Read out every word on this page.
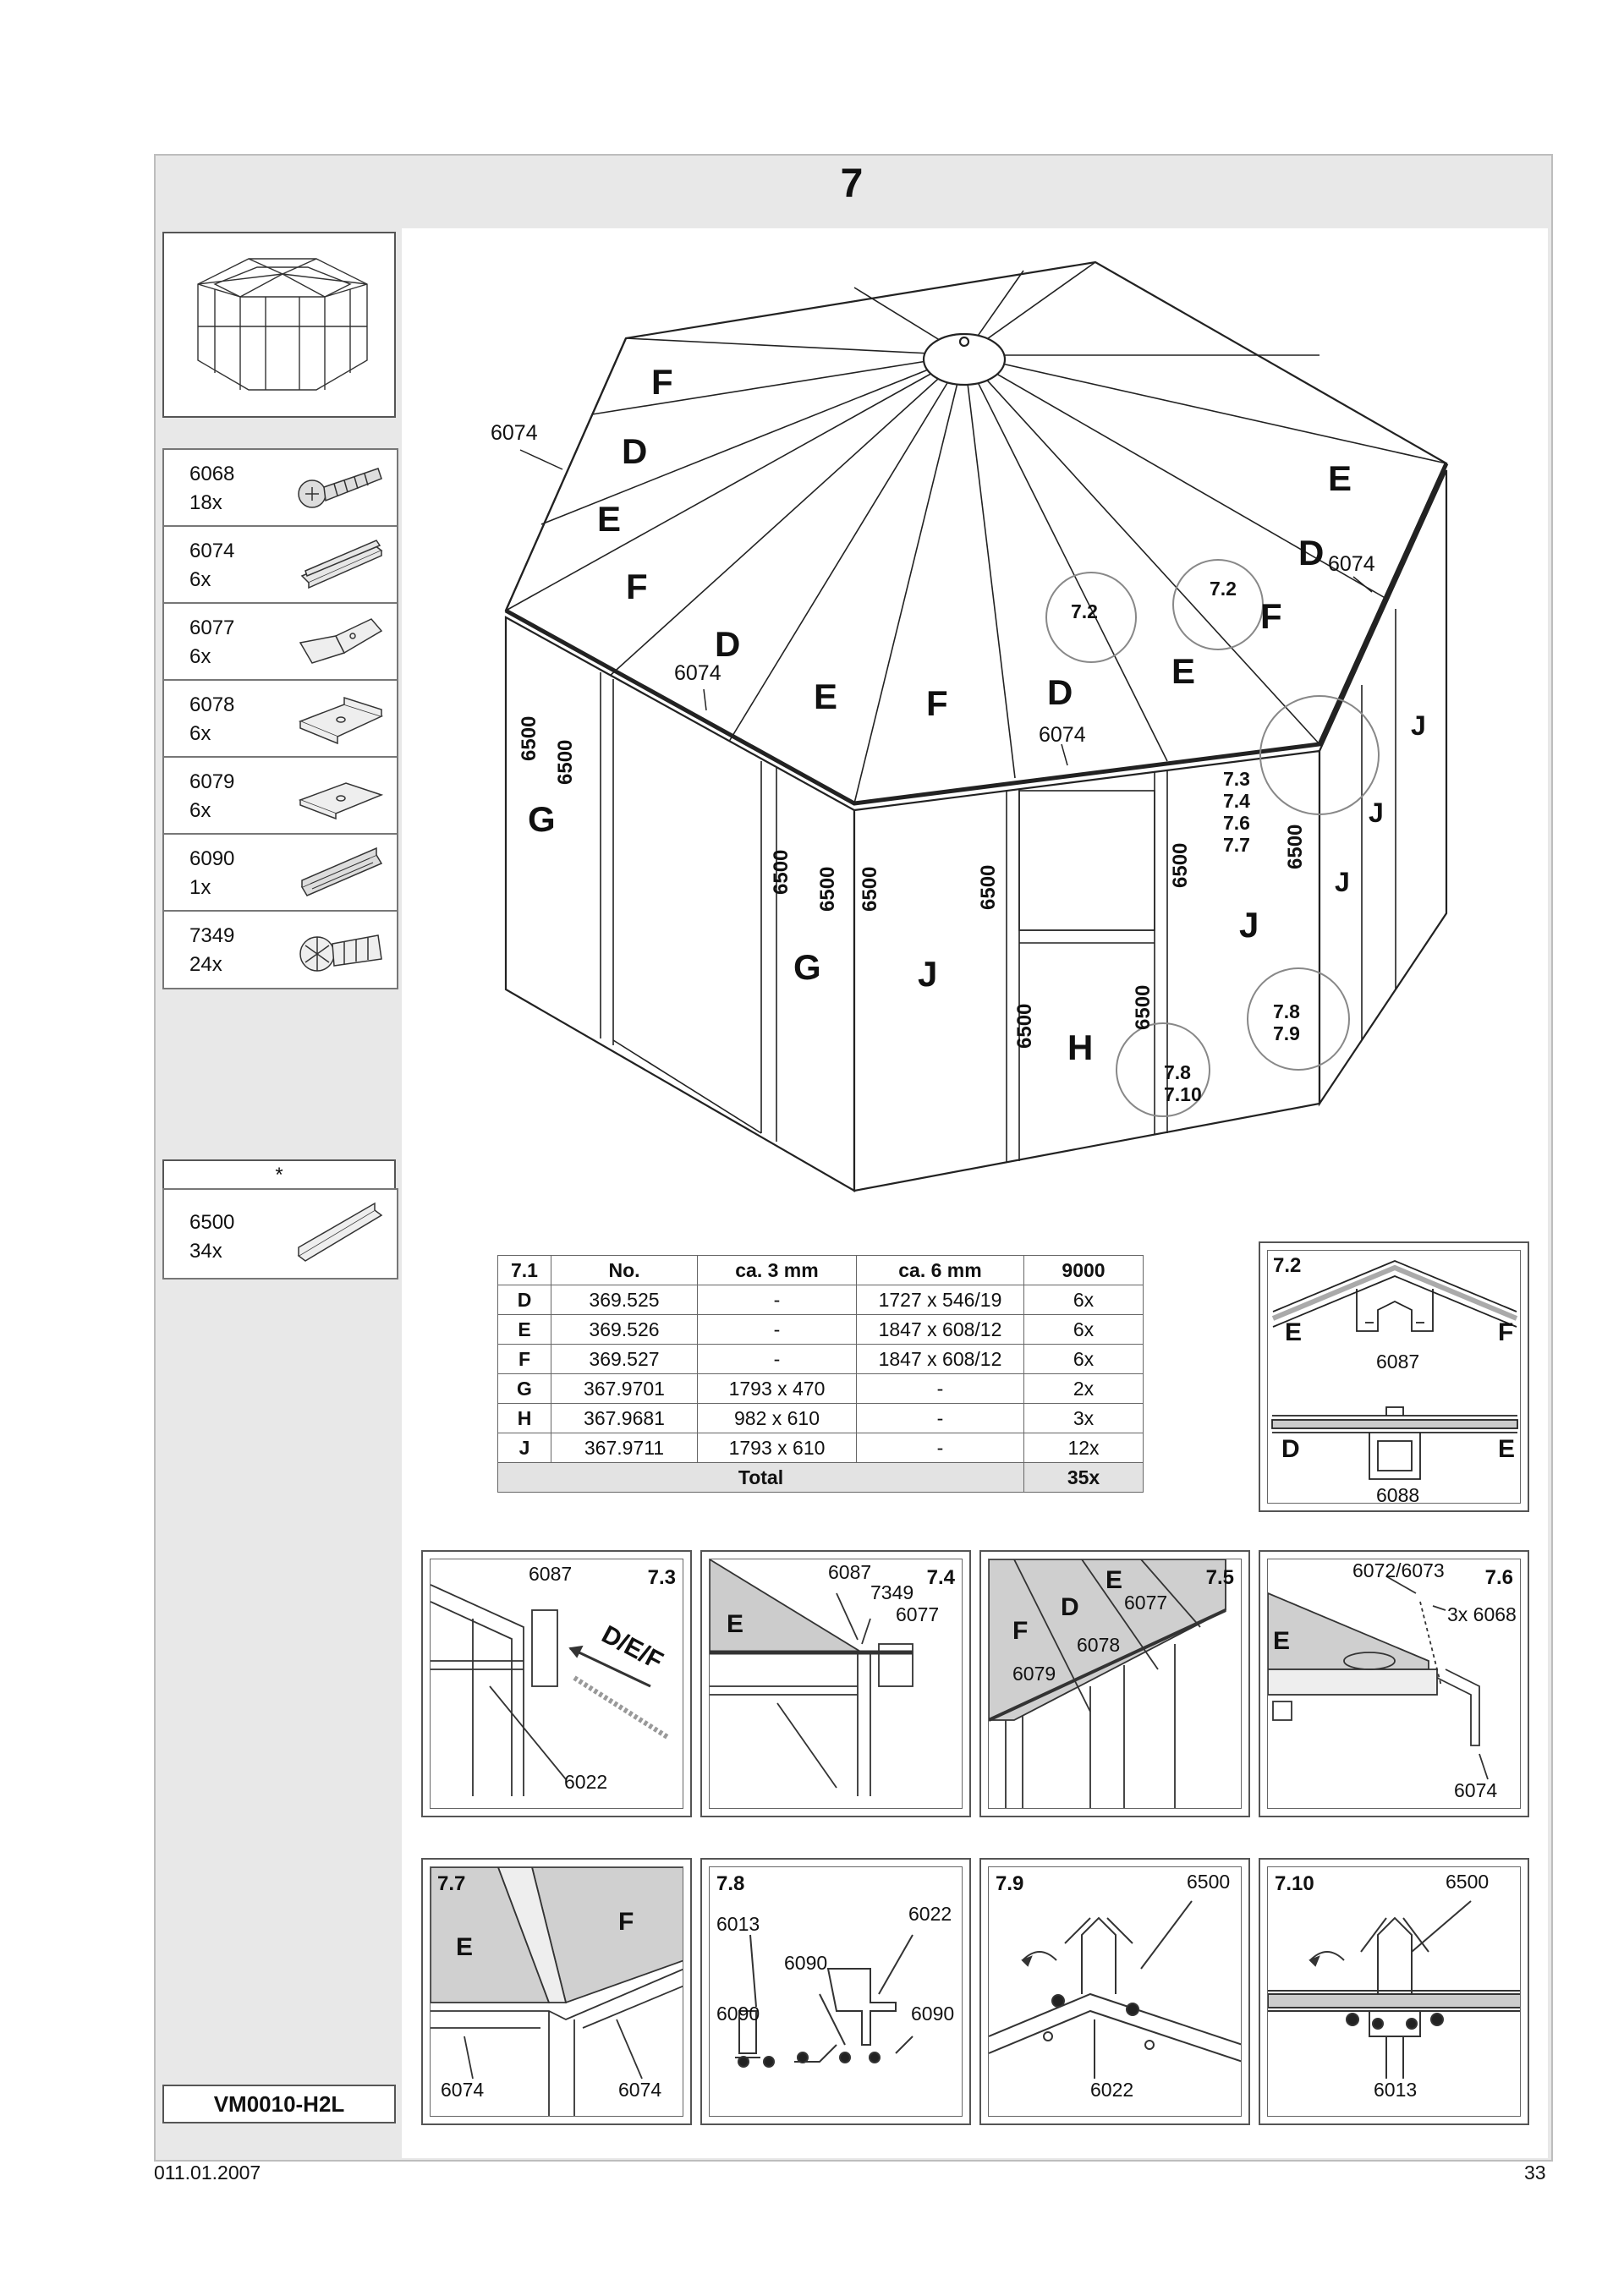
7
6068
18x
6074
6x
6077
6x
6078
6x
6079
6x
6090
1x
7349
24x
*
6500
34x
F
D
E
F
D
E F	D
E
F
D
E
G
G	J
H
J
J
J
J
6074
6074
6074
6074
6500
6500
6500 6500 6500	6500	6500	6500
6500	6500
7.2
7.2
7.3
7.4
7.6
7.7
7.8
7.9
7.8
7.10
7.1	No.	ca. 3 mm	ca. 6 mm	9000
D	369.525	-	1727 x 546/19	6x
E	369.526	-	1847 x 608/12	6x
F	369.527	-	1847 x 608/12	6x
G	367.9701	1793 x 470	-	2x
H	367.9681	982 x 610	-	3x
J	367.9711	1793 x 610	-	12x
Total				35x
7.2
E	F
6087
D	E
6088
7.3
6087
6022
D/E/F
7.4
6087
7349
6077
E
7.5
E
D
F
6077
6078
6079
7.6
6072/6073
3x 6068
6074
E
7.7
E
F
6074	6074
7.8
6013	6022
6090
6090	6090
7.9	6500
6022
7.10	6500
6013
VM0010-H2L
011.01.2007	33
